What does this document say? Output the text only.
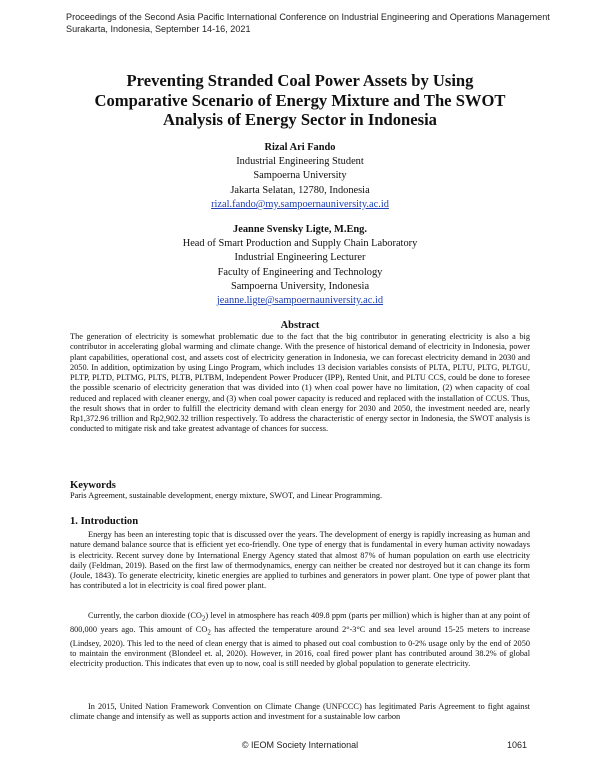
Proceedings of the Second Asia Pacific International Conference on Industrial Engineering and Operations Management
Surakarta, Indonesia, September 14-16, 2021
Preventing Stranded Coal Power Assets by Using
Comparative Scenario of Energy Mixture and The SWOT
Analysis of Energy Sector in Indonesia
Rizal Ari Fando
Industrial Engineering Student
Sampoerna University
Jakarta Selatan, 12780, Indonesia
rizal.fando@my.sampoernauniversity.ac.id
Jeanne Svensky Ligte, M.Eng.
Head of Smart Production and Supply Chain Laboratory
Industrial Engineering Lecturer
Faculty of Engineering and Technology
Sampoerna University, Indonesia
jeanne.ligte@sampoernauniversity.ac.id
Abstract
The generation of electricity is somewhat problematic due to the fact that the big contributor in generating electricity is also a big contributor in accelerating global warming and climate change. With the presence of historical demand of electricity in Indonesia, power plant capabilities, operational cost, and assets cost of electricity generation in Indonesia, we can forecast electricity demand in 2030 and 2050. In addition, optimization by using Lingo Program, which includes 13 decision variables consists of PLTA, PLTU, PLTG, PLTGU, PLTP, PLTD, PLTMG, PLTS, PLTB, PLTBM, Independent Power Producer (IPP), Rented Unit, and PLTU CCS, could be done to foresee the possible scenario of electricity generation that was divided into (1) when coal power have no limitation, (2) when capacity of coal reduced and replaced with cleaner energy, and (3) when coal power capacity is reduced and replaced with the installation of CCUS. Thus, the result shows that in order to fulfill the electricity demand with clean energy for 2030 and 2050, the investment needed are, nearly Rp1,372.96 trillion and Rp2,902.32 trillion respectively. To address the characteristic of energy sector in Indonesia, the SWOT analysis is conducted to mitigate risk and take greatest advantage of chances for success.
Keywords
Paris Agreement, sustainable development, energy mixture, SWOT, and Linear Programming.
1. Introduction
Energy has been an interesting topic that is discussed over the years. The development of energy is rapidly increasing as human and nature demand balance source that is efficient yet eco-friendly. One type of energy that is fundamental in every human activity nowadays is electricity. Recent survey done by International Energy Agency stated that almost 87% of human population on earth use electricity daily (Feldman, 2019). Based on the first law of thermodynamics, energy can neither be created nor destroyed but it can change its form (Joule, 1843). To generate electricity, kinetic energies are applied to turbines and generators in power plant. One type of power plant that has contributed a lot in electricity is coal fired power plant.
Currently, the carbon dioxide $(CO_2)$ level in atmosphere has reach 409.8 ppm (parts per million) which is higher than at any point of 800,000 years ago. This amount of $CO_2$ has affected the temperature around 2°-3°C and sea level around 15-25 meters to increase (Lindsey, 2020). This led to the need of clean energy that is aimed to phased out coal combustion to 0-2% usage only by the end of 2050 to maintain the environment (Blondeel et. al, 2020). However, in 2016, coal fired power plant has contributed around 38.2% of global electricity production. This indicates that even up to now, coal is still needed by global population to generate electricity.
In 2015, United Nation Framework Convention on Climate Change (UNFCCC) has legitimated Paris Agreement to fight against climate change and intensify as well as supports action and investment for a sustainable low carbon
© IEOM Society International	1061
